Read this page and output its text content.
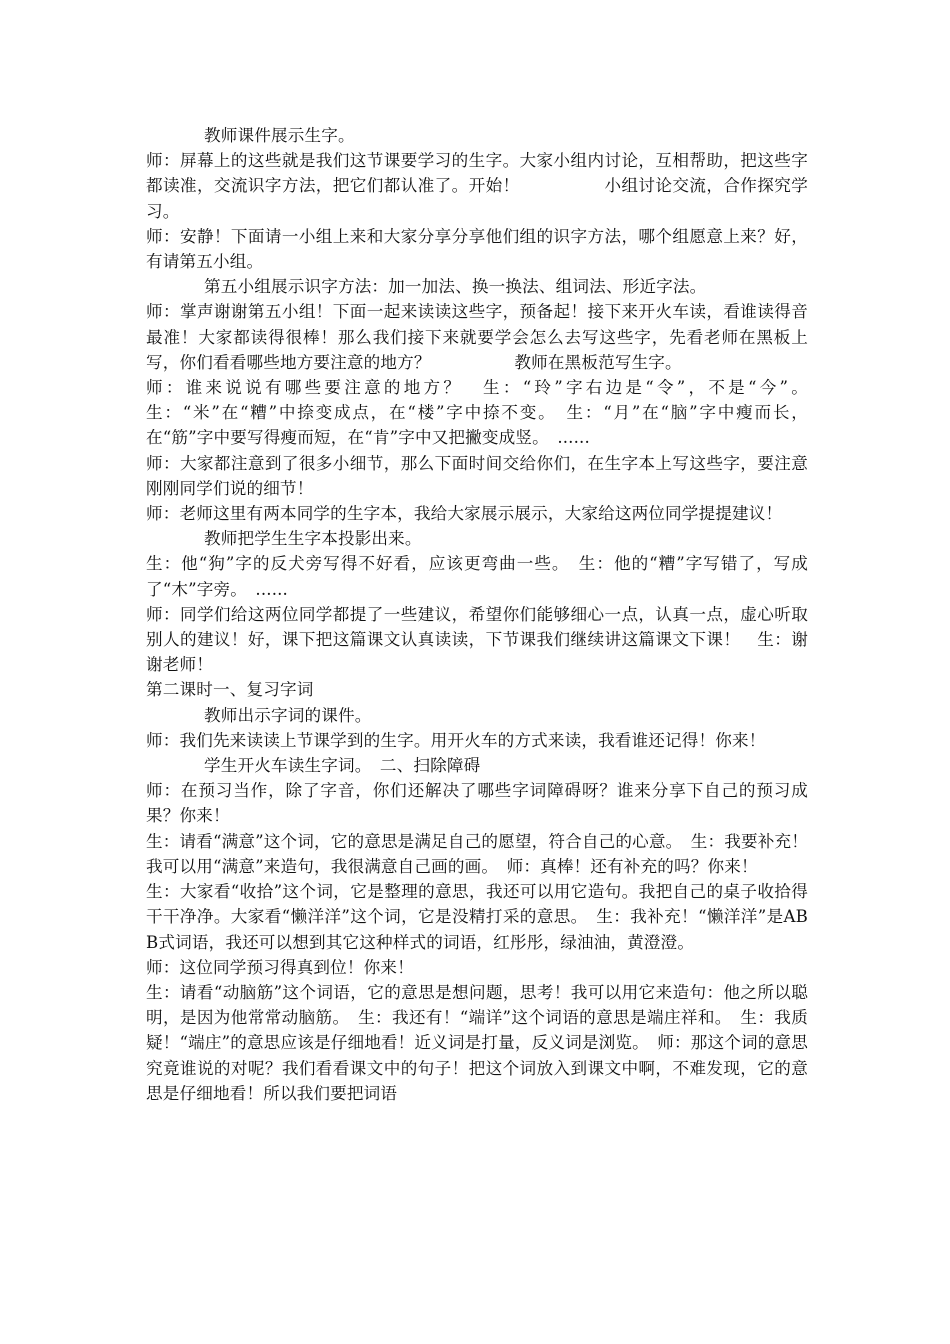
教师课件展示生字。

师：屏幕上的这些就是我们这节课要学习的生字。大家小组内讨论，互相帮助，把这些字都读准，交流识字方法，把它们都认准了。开始！　　　　　小组讨论交流，合作探究学习。

师：安静！下面请一小组上来和大家分享分享他们组的识字方法，哪个组愿意上来？好，有请第五小组。

第五小组展示识字方法：加一加法、换一换法、组词法、形近字法。

师：掌声谢谢第五小组！下面一起来读读这些字，预备起！接下来开火车读，看谁读得音最准！大家都读得很棒！那么我们接下来就要学会怎么去写这些字，先看老师在黑板上写，你们看看哪些地方要注意的地方？　　　　　教师在黑板范写生字。

师：谁来说说有哪些要注意的地方？　生：“玲”字右边是“令”，不是“今”。生：“米”在“糟”中捺变成点，在“楼”字中捺不变。　生：“月”在“脑”字中瘦而长，在“筋”字中要写得瘦而短，在“肯”字中又把撇变成竖。　......

师：大家都注意到了很多小细节，那么下面时间交给你们，在生字本上写这些字，要注意刚刚同学们说的细节！

师：老师这里有两本同学的生字本，我给大家展示展示，大家给这两位同学提提建议！

教师把学生生字本投影出来。

生：他“狗”字的反犬旁写得不好看，应该更弯曲一些。　生：他的“糟”字写错了，写成了“木”字旁。　......

师：同学们给这两位同学都提了一些建议，希望你们能够细心一点，认真一点，虚心听取别人的建议！好，课下把这篇课文认真读读，下节课我们继续讲这篇课文下课！　生：谢谢老师！

第二课时一、复习字词

教师出示字词的课件。

师：我们先来读读上节课学到的生字。用开火车的方式来读，我看谁还记得！你来！

学生开火车读生字词。　二、扫除障碍

师：在预习当作，除了字音，你们还解决了哪些字词障碍呀？谁来分享下自己的预习成果？你来！

生：请看“满意”这个词，它的意思是满足自己的愿望，符合自己的心意。　生：我要补充！我可以用“满意”来造句，我很满意自己画的画。　师：真棒！还有补充的吗？你来！

生：大家看“收拾”这个词，它是整理的意思，我还可以用它造句。我把自己的桌子收拾得干干净净。大家看“懒洋洋”这个词，它是没精打采的意思。　生：我补充！“懒洋洋”是ABB式词语，我还可以想到其它这种样式的词语，红彤彤，绿油油，黄澄澄。

师：这位同学预习得真到位！你来！

生：请看“动脑筋”这个词语，它的意思是想问题，思考！我可以用它来造句：他之所以聪明，是因为他常常动脑筋。　生：我还有！“端详”这个词语的意思是端庄祥和。　生：我质疑！“端庄”的意思应该是仔细地看！近义词是打量，反义词是浏览。　师：那这个词的意思究竟谁说的对呢？我们看看课文中的句子！把这个词放入到课文中啊，不难发现，它的意思是仔细地看！所以我们要把词语
